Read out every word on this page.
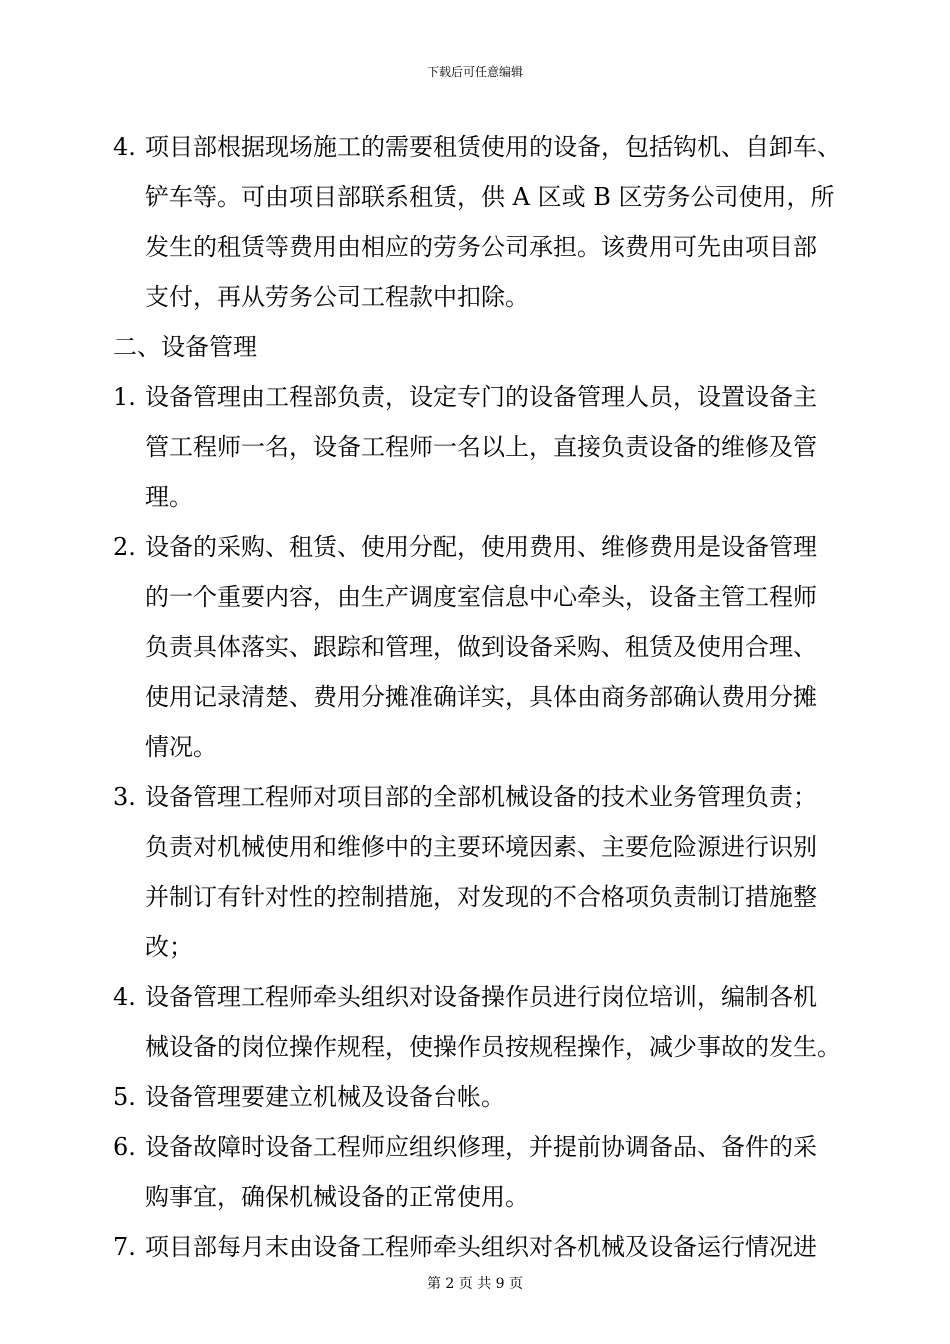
下载后可任意编辑
4. 项目部根据现场施工的需要租赁使用的设备，包括钩机、自卸车、
铲车等。可由项目部联系租赁，供 A 区或 B 区劳务公司使用，所
发生的租赁等费用由相应的劳务公司承担。该费用可先由项目部
支付，再从劳务公司工程款中扣除。
二、设备管理
1. 设备管理由工程部负责，设定专门的设备管理人员，设置设备主
管工程师一名，设备工程师一名以上，直接负责设备的维修及管
理。
2. 设备的采购、租赁、使用分配，使用费用、维修费用是设备管理
的一个重要内容，由生产调度室信息中心牵头，设备主管工程师
负责具体落实、跟踪和管理，做到设备采购、租赁及使用合理、
使用记录清楚、费用分摊准确详实，具体由商务部确认费用分摊
情况。
3. 设备管理工程师对项目部的全部机械设备的技术业务管理负责；
负责对机械使用和维修中的主要环境因素、主要危险源进行识别
并制订有针对性的控制措施，对发现的不合格项负责制订措施整
改；
4. 设备管理工程师牵头组织对设备操作员进行岗位培训，编制各机
械设备的岗位操作规程，使操作员按规程操作，减少事故的发生。
5. 设备管理要建立机械及设备台帐。
6. 设备故障时设备工程师应组织修理，并提前协调备品、备件的采
购事宜，确保机械设备的正常使用。
7. 项目部每月末由设备工程师牵头组织对各机械及设备运行情况进
第 2 页 共 9 页
